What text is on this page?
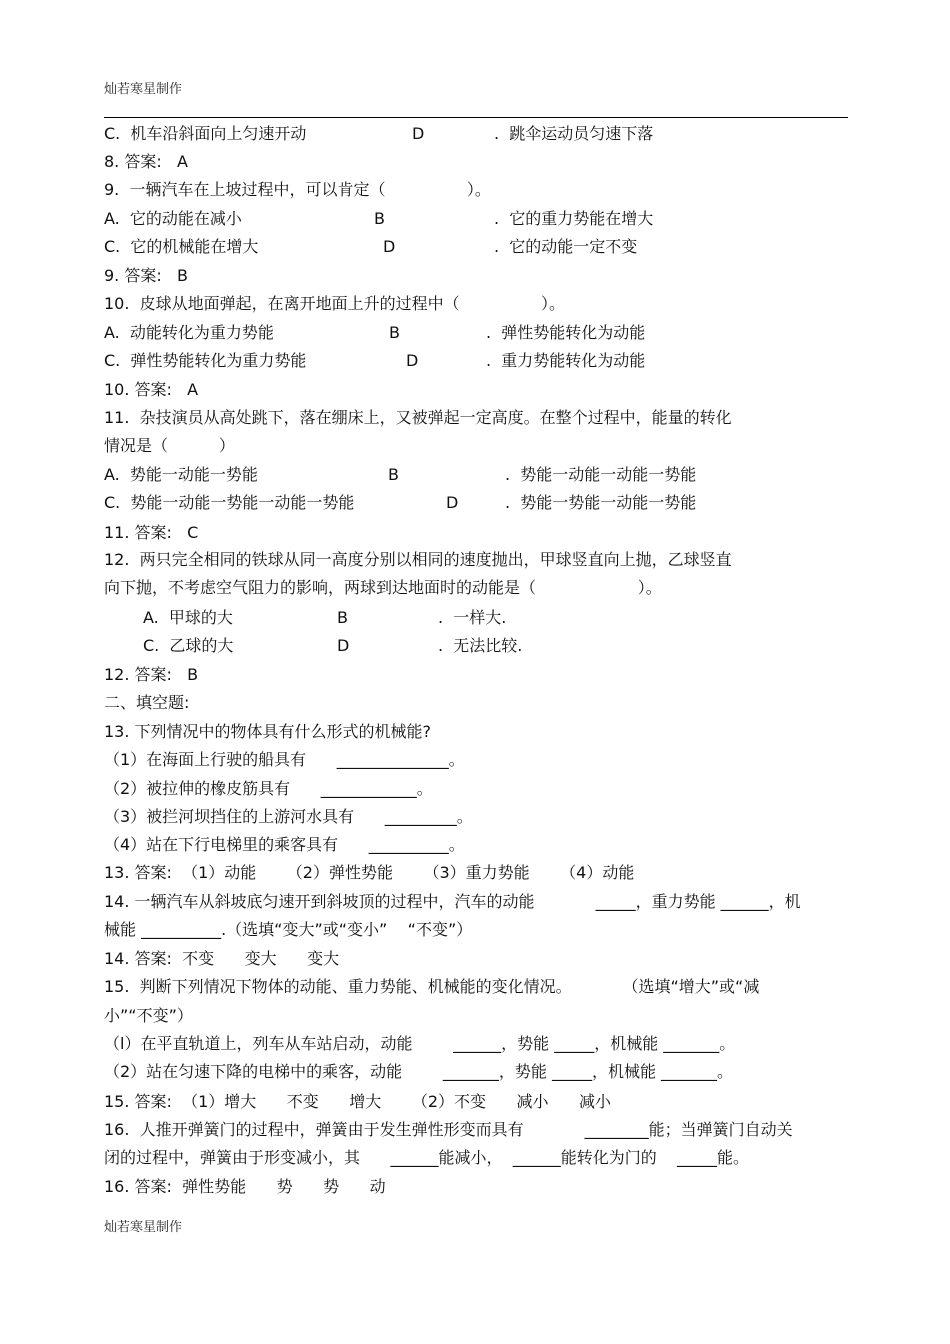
灿若寒星制作
C.  机车沿斜面向上匀速开动	D	.  跳伞运动员匀速下落
8. 答案:   A
9.  一辆汽车在上坡过程中，可以肯定（                ）。
A.  它的动能在减小	B	.  它的重力势能在增大
C.  它的机械能在增大	D	.  它的动能一定不变
9. 答案:   B
10.  皮球从地面弹起，在离开地面上升的过程中（                ）。
A.  动能转化为重力势能	B	.  弹性势能转化为动能
C.  弹性势能转化为重力势能	D	.  重力势能转化为动能
10. 答案:   A
11.  杂技演员从高处跳下，落在绷床上，又被弹起一定高度。在整个过程中，能量的转化
情况是（          ）
A.  势能一动能一势能	B	.  势能一动能一动能一势能
C.  势能一动能一势能一动能一势能	D	.  势能一势能一动能一势能
11. 答案:   C
12.  两只完全相同的铁球从同一高度分别以相同的速度抛出，甲球竖直向上抛，乙球竖直
向下抛，不考虑空气阻力的影响，两球到达地面时的动能是（                    ）。
A.  甲球的大	B	.  一样大.
C.  乙球的大	D	.  无法比较.
12. 答案:   B
二、填空题:
13. 下列情况中的物体具有什么形式的机械能?
（1）在海面上行驶的船具有      ______________。
（2）被拉伸的橡皮筋具有      ____________。
（3）被拦河坝挡住的上游河水具有      _________。
（4）站在下行电梯里的乘客具有      __________。
13. 答案:  （1）动能      （2）弹性势能      （3）重力势能      （4）动能
14. 一辆汽车从斜坡底匀速开到斜坡顶的过程中，汽车的动能            _____，重力势能 ______，机
械能 __________.（选填“变大”或“变小”    “不变”）
14. 答案:  不变      变大      变大
15.  判断下列情况下物体的动能、重力势能、机械能的变化情况。          （选填“增大”或“减
小”“不变”）
（l）在平直轨道上，列车从车站启动，动能        ______，势能 _____，机械能 _______。
（2）站在匀速下降的电梯中的乘客，动能        _______，势能 _____，机械能 _______。
15. 答案:  （1）增大      不变      增大      （2）不变      减小      减小
16.  人推开弹簧门的过程中，弹簧由于发生弹性形变而具有            ________能；当弹簧门自动关
闭的过程中，弹簧由于形变减小，其      ______能减小，  ______能转化为门的    _____能。
16. 答案:  弹性势能      势      势      动
灿若寒星制作
